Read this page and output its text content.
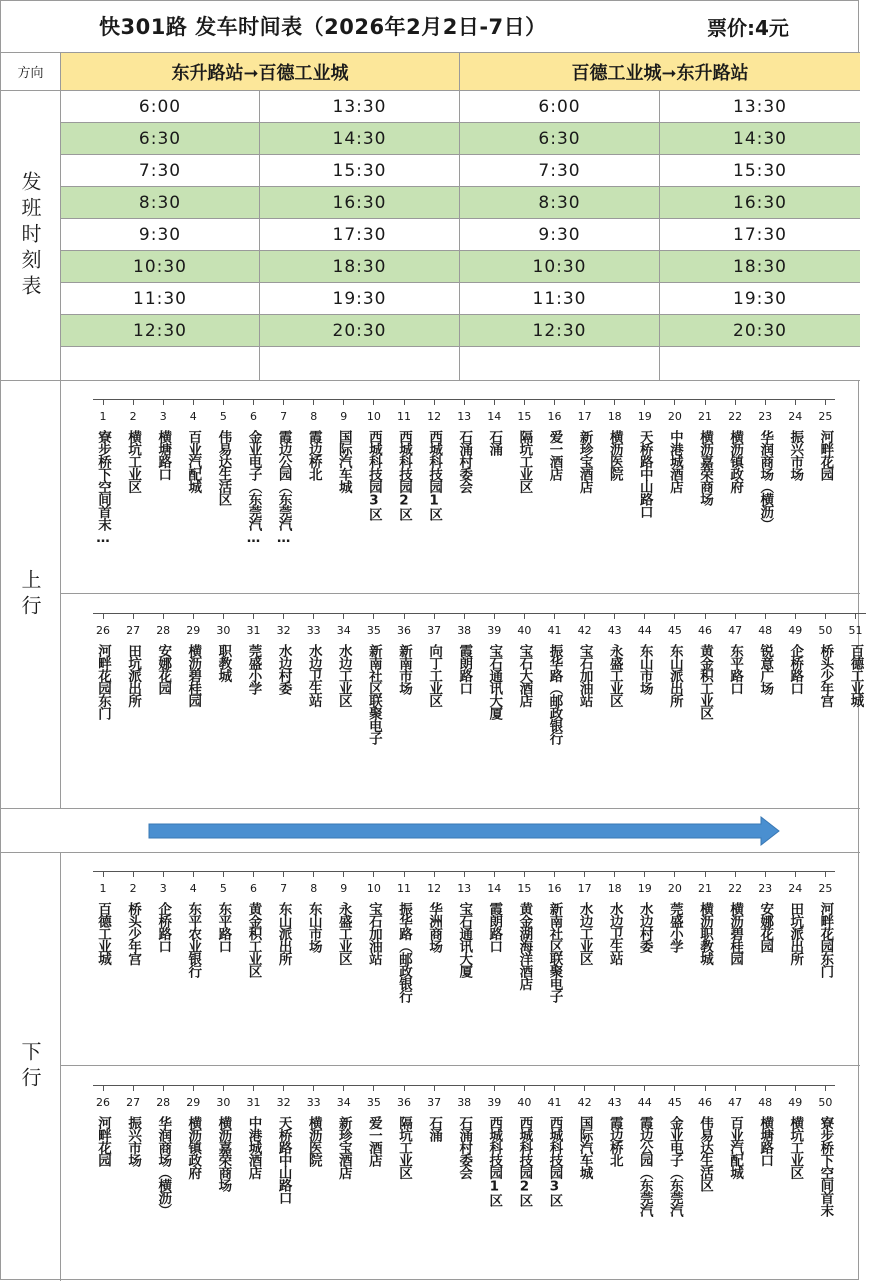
快301路 发车时间表（2026年2月2日-7日）	票价:4元
方向	东升路站➞百德工业城	百德工业城➞东升路站
发班时刻表
6:00	13:30	6:00	13:30
6:30	14:30	6:30	14:30
7:30	15:30	7:30	15:30
8:30	16:30	8:30	16:30
9:30	17:30	9:30	17:30
10:30	18:30	10:30	18:30
11:30	19:30	11:30	19:30
12:30	20:30	12:30	20:30
上行
1
寮步桥下空间首末…
2
横坑工业区
3
横塘路口
4
百业汽配城
5
伟易达生活区
6
金业电子（东莞汽…
7
霞边公园（东莞汽…
8
霞边桥北
9
国际汽车城
10
西城科技园3区
11
西城科技园2区
12
西城科技园1区
13
石涌村委会
14
石涌
15
隔坑工业区
16
爱一酒店
17
新珍宝酒店
18
横沥医院
19
天桥路中山路口
20
中港城酒店
21
横沥嘉荣商场
22
横沥镇政府
23
华润商场（横沥）
24
振兴市场
25
河畔花园
26
河畔花园东门
27
田坑派出所
28
安娜花园
29
横沥碧桂园
30
职教城
31
莞盛小学
32
水边村委
33
水边卫生站
34
水边工业区
35
新南社区联聚电子
36
新南市场
37
向丁工业区
38
霞朗路口
39
宝石通讯大厦
40
宝石大酒店
41
振华路（邮政银行
42
宝石加油站
43
永盛工业区
44
东山市场
45
东山派出所
46
黄金积工业区
47
东平路口
48
锐意广场
49
企桥路口
50
桥头少年宫
51
百德工业城
下行
1
百德工业城
2
桥头少年宫
3
企桥路口
4
东平农业银行
5
东平路口
6
黄金积工业区
7
东山派出所
8
东山市场
9
永盛工业区
10
宝石加油站
11
振华路（邮政银行
12
华洲商场
13
宝石通讯大厦
14
霞朗路口
15
黄金湖海洋酒店
16
新南社区联聚电子
17
水边工业区
18
水边卫生站
19
水边村委
20
莞盛小学
21
横沥职教城
22
横沥碧桂园
23
安娜花园
24
田坑派出所
25
河畔花园东门
26
河畔花园
27
振兴市场
28
华润商场（横沥）
29
横沥镇政府
30
横沥嘉荣商场
31
中港城酒店
32
天桥路中山路口
33
横沥医院
34
新珍宝酒店
35
爱一酒店
36
隔坑工业区
37
石涌
38
石涌村委会
39
西城科技园1区
40
西城科技园2区
41
西城科技园3区
42
国际汽车城
43
霞边桥北
44
霞边公园（东莞汽
45
金业电子（东莞汽
46
伟易达生活区
47
百业汽配城
48
横塘路口
49
横坑工业区
50
寮步桥下空间首末
